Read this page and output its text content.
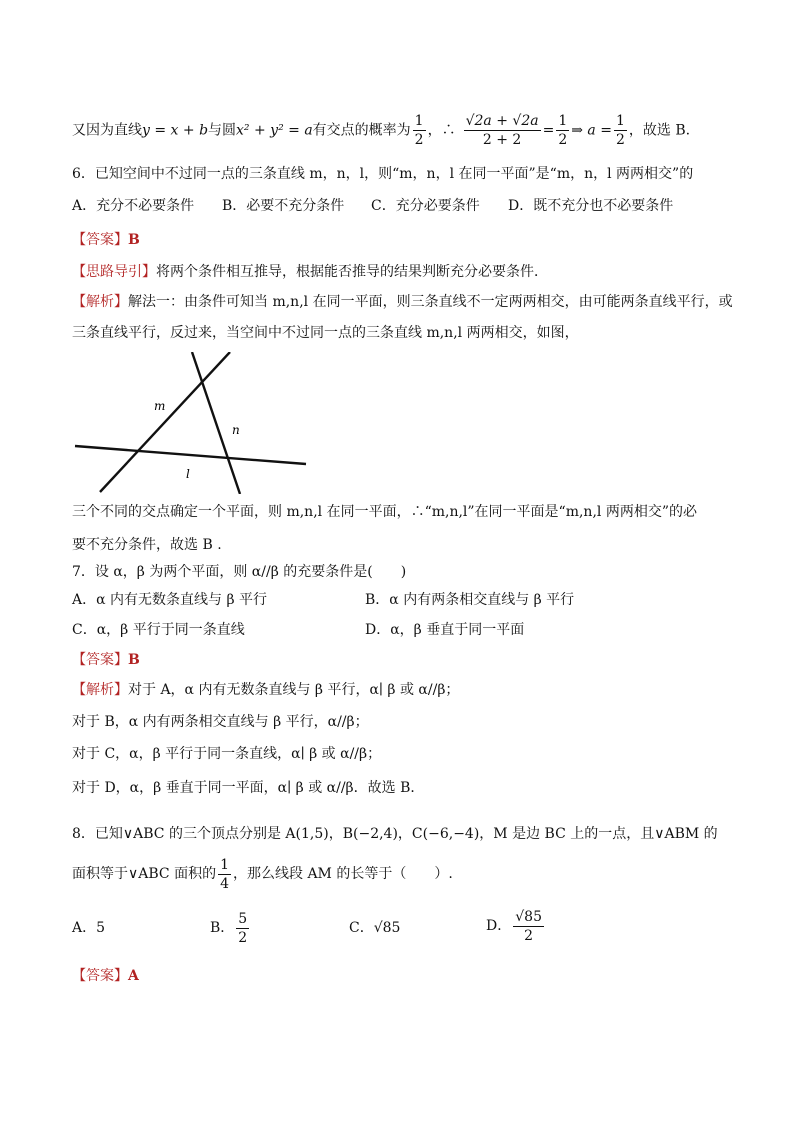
又因为直线y = x + b与圆x² + y² = a有交点的概率为 $\frac{1}{2}$ ，∴ $\frac{√2a + √2a}{2 + 2} = \frac{1}{2}$ ⇒ $a = \frac{1}{2}$ ，故选 B.
6．已知空间中不过同一点的三条直线 m，n，l，则“m，n，l 在同一平面”是“m，n，l 两两相交”的
A．充分不必要条件 B．必要不充分条件 C．充分必要条件 D．既不充分也不必要条件
【答案】B
【思路导引】将两个条件相互推导，根据能否推导的结果判断充分必要条件．
【解析】解法一：由条件可知当 m,n,l 在同一平面，则三条直线不一定两两相交，由可能两条直线平行，或
三条直线平行，反过来，当空间中不过同一点的三条直线 m,n,l 两两相交，如图，
m
n
l
三个不同的交点确定一个平面，则 m,n,l 在同一平面，∴“m,n,l”在同一平面是“m,n,l 两两相交”的必
要不充分条件，故选 B .
7．设 α，β 为两个平面，则 α//β 的充要条件是(　　)
A．α 内有无数条直线与 β 平行	B．α 内有两条相交直线与 β 平行
C．α，β 平行于同一条直线	D．α，β 垂直于同一平面
【答案】B
【解析】对于 A，α 内有无数条直线与 β 平行，α∣ β 或 α//β；
对于 B，α 内有两条相交直线与 β 平行，α//β；
对于 C，α，β 平行于同一条直线，α∣ β 或 α//β；
对于 D，α，β 垂直于同一平面，α∣ β 或 α//β．故选 B．
8．已知∨ABC 的三个顶点分别是 A(1,5)，B(−2,4)，C(−6,−4)，M 是边 BC 上的一点，且∨ABM 的
面积等于∨ABC 面积的 $\frac{1}{4}$ ，那么线段 AM 的长等于（　　）.
A．5	B． $\frac{5}{2}$	C．√85	D． $\frac{√85}{2}$
【答案】A
